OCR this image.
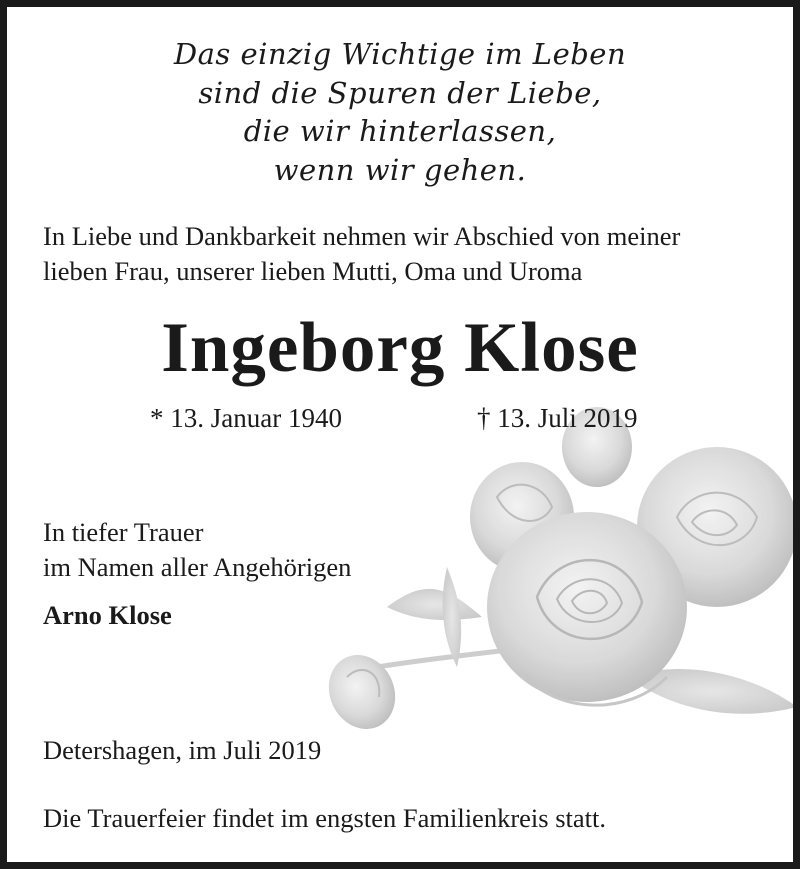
Das einzig Wichtige im Leben
sind die Spuren der Liebe,
die wir hinterlassen,
wenn wir gehen.
In Liebe und Dankbarkeit nehmen wir Abschied von meiner
lieben Frau, unserer lieben Mutti, Oma und Uroma
Ingeborg Klose
* 13. Januar 1940	† 13. Juli 2019
In tiefer Trauer
im Namen aller Angehörigen
Arno Klose
Detershagen, im Juli 2019
Die Trauerfeier findet im engsten Familienkreis statt.
